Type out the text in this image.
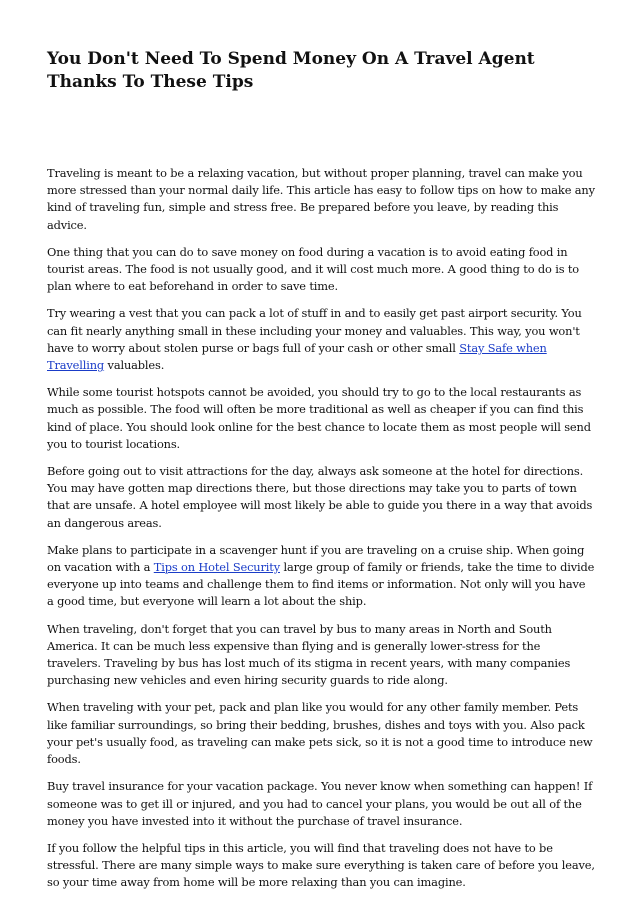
You Don't Need To Spend Money On A Travel Agent Thanks To These Tips

Traveling is meant to be a relaxing vacation, but without proper planning, travel can make you more stressed than your normal daily life. This article has easy to follow tips on how to make any kind of traveling fun, simple and stress free. Be prepared before you leave, by reading this advice.

One thing that you can do to save money on food during a vacation is to avoid eating food in tourist areas. The food is not usually good, and it will cost much more. A good thing to do is to plan where to eat beforehand in order to save time.

Try wearing a vest that you can pack a lot of stuff in and to easily get past airport security. You can fit nearly anything small in these including your money and valuables. This way, you won't have to worry about stolen purse or bags full of your cash or other small Stay Safe when Travelling valuables.

While some tourist hotspots cannot be avoided, you should try to go to the local restaurants as much as possible. The food will often be more traditional as well as cheaper if you can find this kind of place. You should look online for the best chance to locate them as most people will send you to tourist locations.

Before going out to visit attractions for the day, always ask someone at the hotel for directions. You may have gotten map directions there, but those directions may take you to parts of town that are unsafe. A hotel employee will most likely be able to guide you there in a way that avoids an dangerous areas.

Make plans to participate in a scavenger hunt if you are traveling on a cruise ship. When going on vacation with a Tips on Hotel Security large group of family or friends, take the time to divide everyone up into teams and challenge them to find items or information. Not only will you have a good time, but everyone will learn a lot about the ship.

When traveling, don't forget that you can travel by bus to many areas in North and South America. It can be much less expensive than flying and is generally lower-stress for the travelers. Traveling by bus has lost much of its stigma in recent years, with many companies purchasing new vehicles and even hiring security guards to ride along.

When traveling with your pet, pack and plan like you would for any other family member. Pets like familiar surroundings, so bring their bedding, brushes, dishes and toys with you. Also pack your pet's usually food, as traveling can make pets sick, so it is not a good time to introduce new foods.

Buy travel insurance for your vacation package. You never know when something can happen! If someone was to get ill or injured, and you had to cancel your plans, you would be out all of the money you have invested into it without the purchase of travel insurance.

If you follow the helpful tips in this article, you will find that traveling does not have to be stressful. There are many simple ways to make sure everything is taken care of before you leave, so your time away from home will be more relaxing than you can imagine.
